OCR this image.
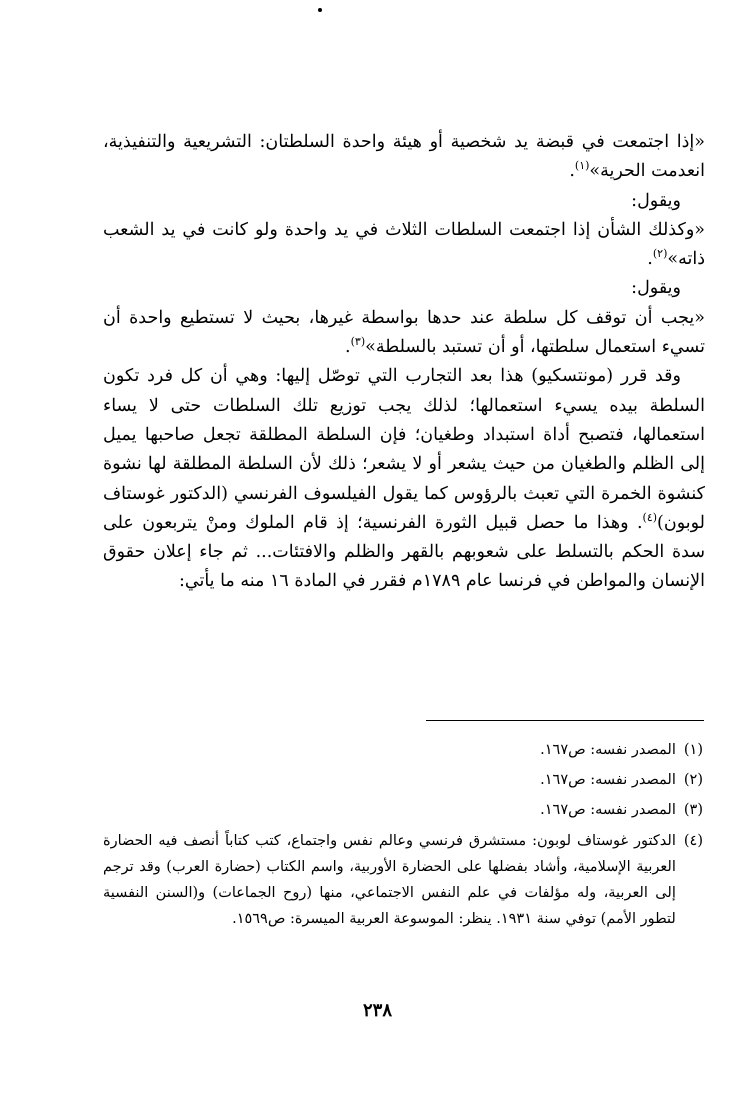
«إذا اجتمعت في قبضة يد شخصية أو هيئة واحدة السلطتان: التشريعية والتنفيذية، انعدمت الحرية»$^{(١)}$.

ويقول:

«وكذلك الشأن إذا اجتمعت السلطات الثلاث في يد واحدة ولو كانت في يد الشعب ذاته»$^{(٢)}$.

ويقول:

«يجب أن توقف كل سلطة عند حدها بواسطة غيرها، بحيث لا تستطيع واحدة أن تسيء استعمال سلطتها، أو أن تستبد بالسلطة»$^{(٣)}$.

وقد قرر (مونتسكيو) هذا بعد التجارب التي توصّل إليها: وهي أن كل فرد تكون السلطة بيده يسيء استعمالها؛ لذلك يجب توزيع تلك السلطات حتى لا يساء استعمالها، فتصبح أداة استبداد وطغيان؛ فإن السلطة المطلقة تجعل صاحبها يميل إلى الظلم والطغيان من حيث يشعر أو لا يشعر؛ ذلك لأن السلطة المطلقة لها نشوة كنشوة الخمرة التي تعبث بالرؤوس كما يقول الفيلسوف الفرنسي (الدكتور غوستاف لوبون)$^{(٤)}$. وهذا ما حصل قبيل الثورة الفرنسية؛ إذ قام الملوك ومنْ يتربعون على سدة الحكم بالتسلط على شعوبهم بالقهر والظلم والافتئات... ثم جاء إعلان حقوق الإنسان والمواطن في فرنسا عام ١٧٨٩م فقرر في المادة ١٦ منه ما يأتي:

(١)
المصدر نفسه: ص١٦٧.
(٢)
المصدر نفسه: ص١٦٧.
(٣)
المصدر نفسه: ص١٦٧.
(٤)
الدكتور غوستاف لوبون: مستشرق فرنسي وعالم نفس واجتماع، كتب كتاباً أنصف فيه الحضارة العربية الإسلامية، وأشاد بفضلها على الحضارة الأوربية، واسم الكتاب (حضارة العرب) وقد ترجم إلى العربية، وله مؤلفات في علم النفس الاجتماعي، منها (روح الجماعات) و(السنن النفسية لتطور الأمم) توفي سنة ١٩٣١. ينظر: الموسوعة العربية الميسرة: ص١٥٦٩.
٢٣٨
